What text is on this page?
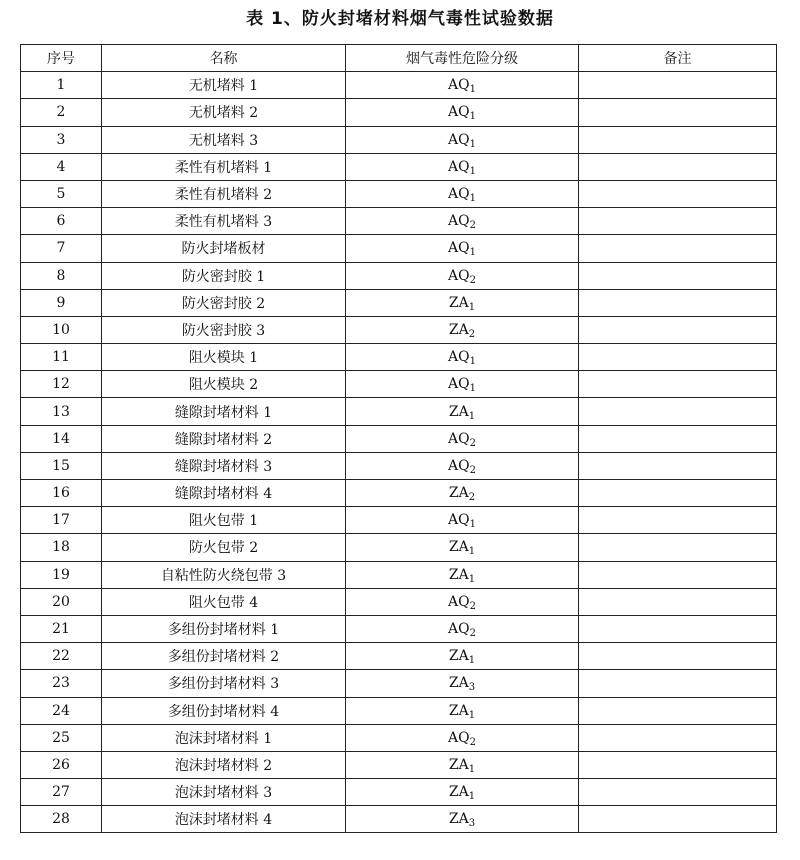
表 1、防火封堵材料烟气毒性试验数据
序号	名称	烟气毒性危险分级	备注
1	无机堵料 1	$AQ_1$	
2	无机堵料 2	$AQ_1$	
3	无机堵料 3	$AQ_1$	
4	柔性有机堵料 1	$AQ_1$	
5	柔性有机堵料 2	$AQ_1$	
6	柔性有机堵料 3	$AQ_2$	
7	防火封堵板材	$AQ_1$	
8	防火密封胶 1	$AQ_2$	
9	防火密封胶 2	$ZA_1$	
10	防火密封胶 3	$ZA_2$	
11	阻火模块 1	$AQ_1$	
12	阻火模块 2	$AQ_1$	
13	缝隙封堵材料 1	$ZA_1$	
14	缝隙封堵材料 2	$AQ_2$	
15	缝隙封堵材料 3	$AQ_2$	
16	缝隙封堵材料 4	$ZA_2$	
17	阻火包带 1	$AQ_1$	
18	防火包带 2	$ZA_1$	
19	自粘性防火绕包带 3	$ZA_1$	
20	阻火包带 4	$AQ_2$	
21	多组份封堵材料 1	$AQ_2$	
22	多组份封堵材料 2	$ZA_1$	
23	多组份封堵材料 3	$ZA_3$	
24	多组份封堵材料 4	$ZA_1$	
25	泡沫封堵材料 1	$AQ_2$	
26	泡沫封堵材料 2	$ZA_1$	
27	泡沫封堵材料 3	$ZA_1$	
28	泡沫封堵材料 4	$ZA_3$	
